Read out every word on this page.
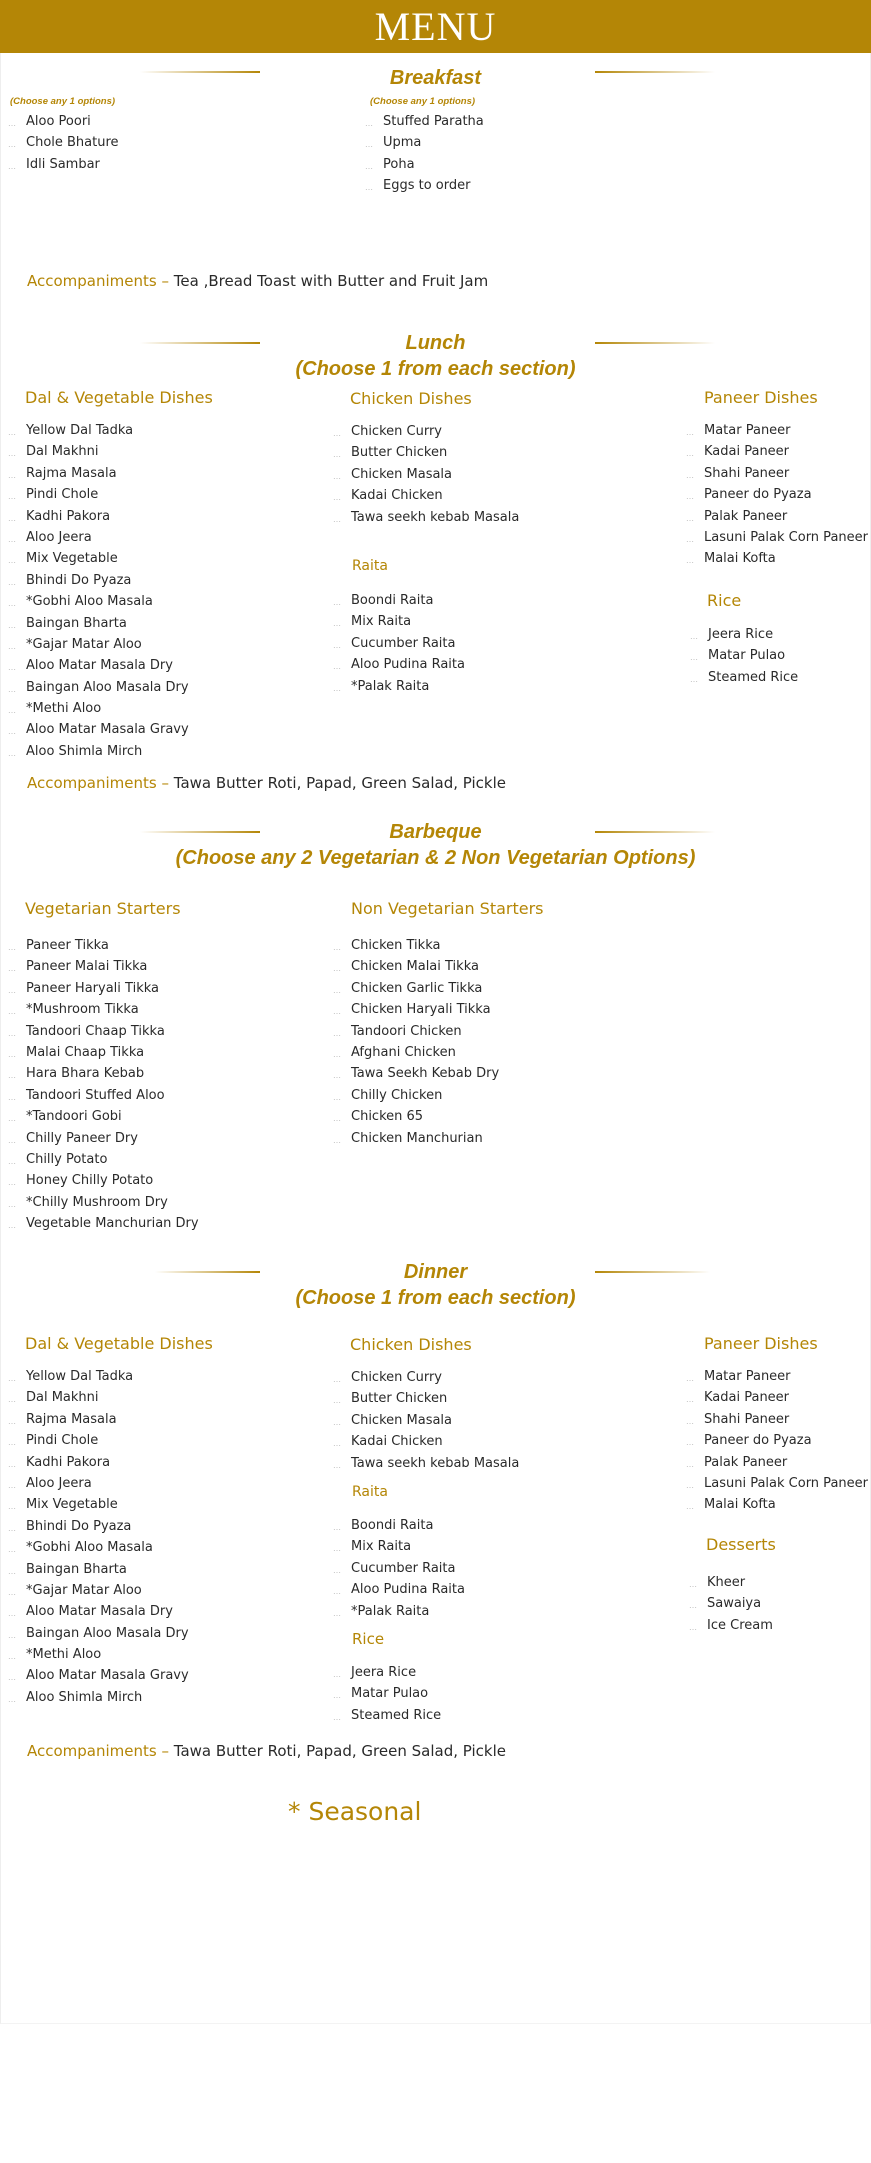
MENU
Breakfast
(Choose any 1 options)	(Choose any 1 options)
… Aloo Poori
… Chole Bhature
… Idli Sambar
… Stuffed Paratha
… Upma
… Poha
… Eggs to order
Accompaniments – Tea ,Bread Toast with Butter and Fruit Jam
Lunch
(Choose 1 from each section)
Dal & Vegetable Dishes
… Yellow Dal Tadka
… Dal Makhni
… Rajma Masala
… Pindi Chole
… Kadhi Pakora
… Aloo Jeera
… Mix Vegetable
… Bhindi Do Pyaza
… *Gobhi Aloo Masala
… Baingan Bharta
… *Gajar Matar Aloo
… Aloo Matar Masala Dry
… Baingan Aloo Masala Dry
… *Methi Aloo
… Aloo Matar Masala Gravy
… Aloo Shimla Mirch
Chicken Dishes
… Chicken Curry
… Butter Chicken
… Chicken Masala
… Kadai Chicken
… Tawa seekh kebab Masala
Raita
… Boondi Raita
… Mix Raita
… Cucumber Raita
… Aloo Pudina Raita
… *Palak Raita
Paneer Dishes
… Matar Paneer
… Kadai Paneer
… Shahi Paneer
… Paneer do Pyaza
… Palak Paneer
… Lasuni Palak Corn Paneer
… Malai Kofta
Rice
… Jeera Rice
… Matar Pulao
… Steamed Rice
Accompaniments – Tawa Butter Roti, Papad, Green Salad, Pickle
Barbeque
(Choose any 2 Vegetarian & 2 Non Vegetarian Options)
Vegetarian Starters
… Paneer Tikka
… Paneer Malai Tikka
… Paneer Haryali Tikka
… *Mushroom Tikka
… Tandoori Chaap Tikka
… Malai Chaap Tikka
… Hara Bhara Kebab
… Tandoori Stuffed Aloo
… *Tandoori Gobi
… Chilly Paneer Dry
… Chilly Potato
… Honey Chilly Potato
… *Chilly Mushroom Dry
… Vegetable Manchurian Dry
Non Vegetarian Starters
… Chicken Tikka
… Chicken Malai Tikka
… Chicken Garlic Tikka
… Chicken Haryali Tikka
… Tandoori Chicken
… Afghani Chicken
… Tawa Seekh Kebab Dry
… Chilly Chicken
… Chicken 65
… Chicken Manchurian
Dinner
(Choose 1 from each section)
Dal & Vegetable Dishes
… Yellow Dal Tadka
… Dal Makhni
… Rajma Masala
… Pindi Chole
… Kadhi Pakora
… Aloo Jeera
… Mix Vegetable
… Bhindi Do Pyaza
… *Gobhi Aloo Masala
… Baingan Bharta
… *Gajar Matar Aloo
… Aloo Matar Masala Dry
… Baingan Aloo Masala Dry
… *Methi Aloo
… Aloo Matar Masala Gravy
… Aloo Shimla Mirch
Chicken Dishes
… Chicken Curry
… Butter Chicken
… Chicken Masala
… Kadai Chicken
… Tawa seekh kebab Masala
Raita
… Boondi Raita
… Mix Raita
… Cucumber Raita
… Aloo Pudina Raita
… *Palak Raita
Rice
… Jeera Rice
… Matar Pulao
… Steamed Rice
Paneer Dishes
… Matar Paneer
… Kadai Paneer
… Shahi Paneer
… Paneer do Pyaza
… Palak Paneer
… Lasuni Palak Corn Paneer
… Malai Kofta
Desserts
… Kheer
… Sawaiya
… Ice Cream
Accompaniments – Tawa Butter Roti, Papad, Green Salad, Pickle
* Seasonal
